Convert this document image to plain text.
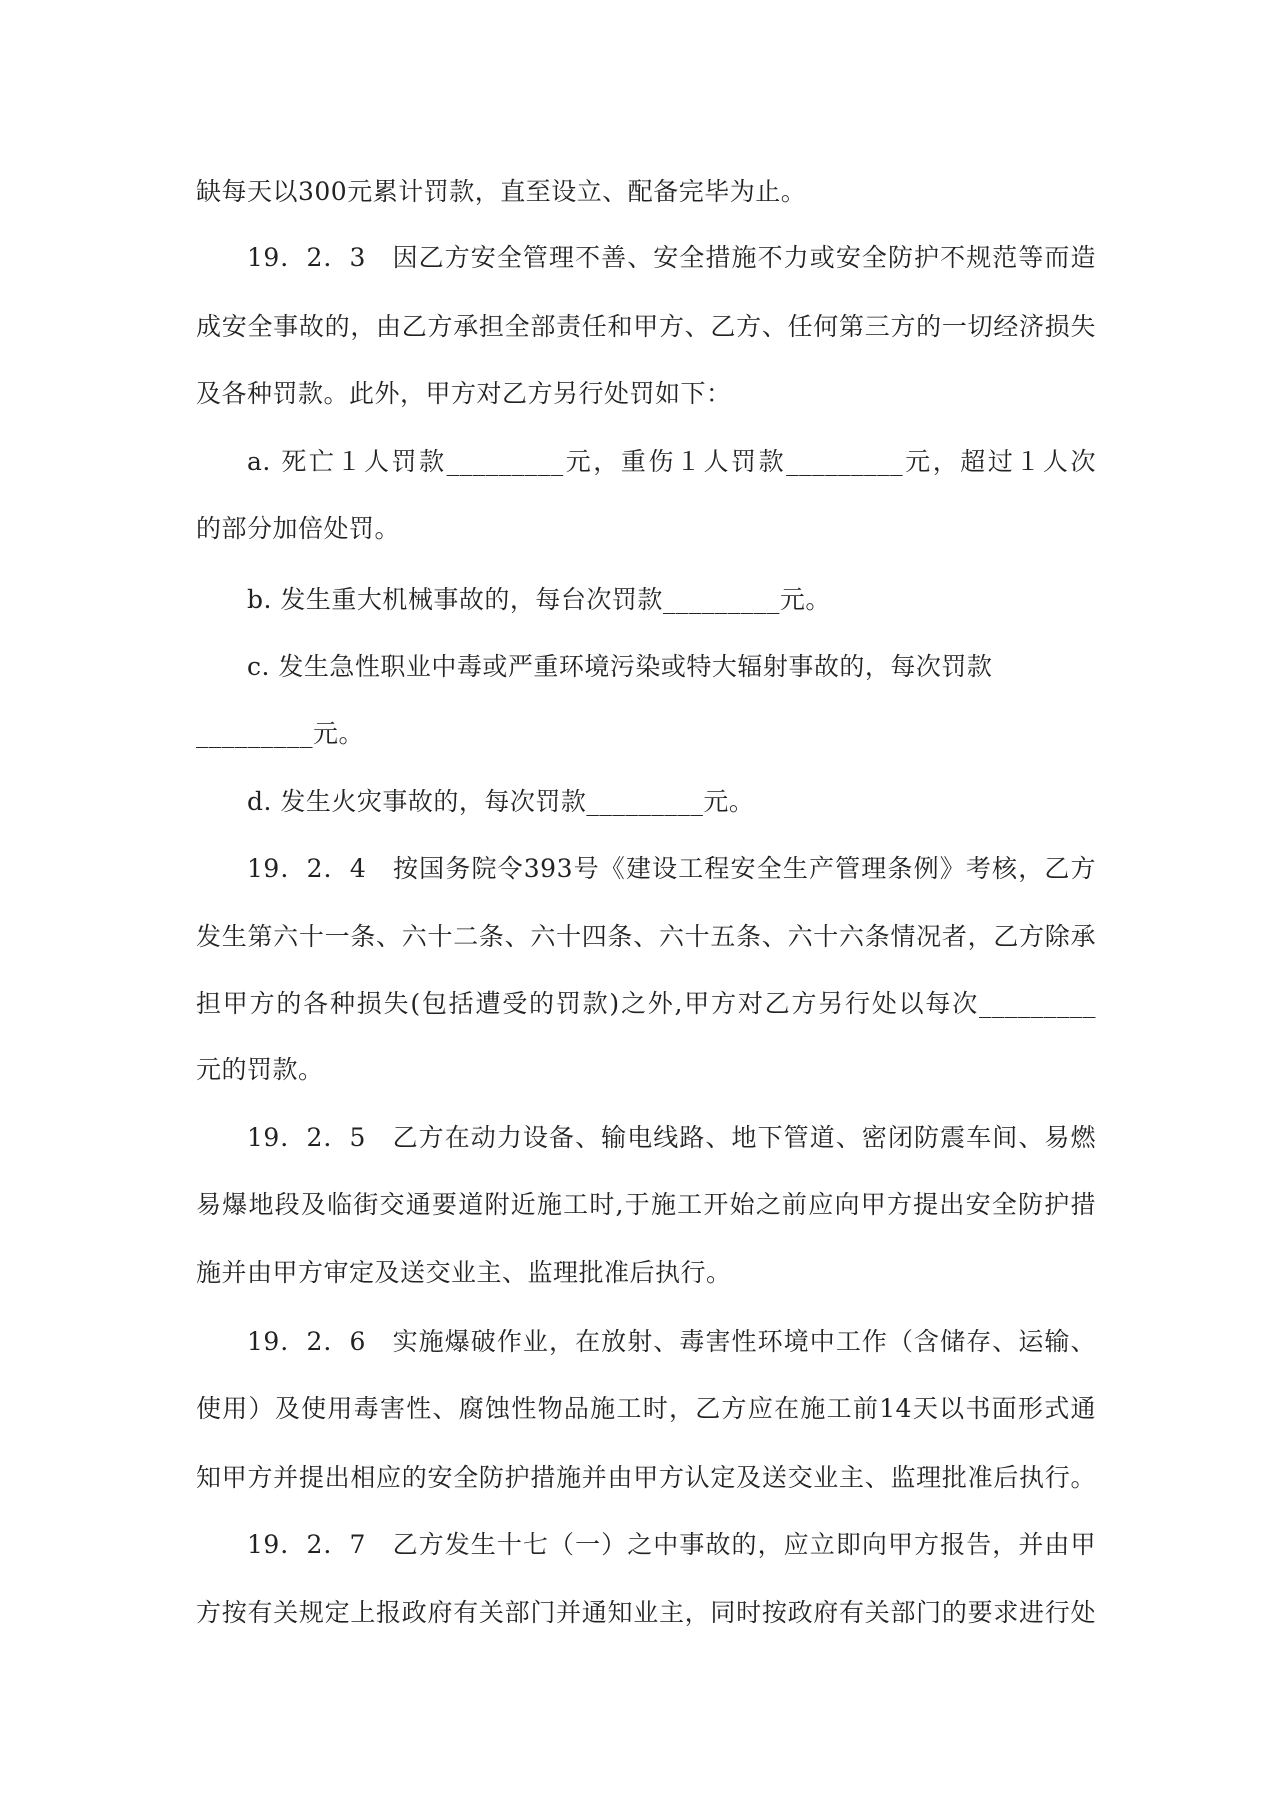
缺每天以300元累计罚款，直至设立、配备完毕为止。
19．2．3　因乙方安全管理不善、安全措施不力或安全防护不规范等而造
成安全事故的，由乙方承担全部责任和甲方、乙方、任何第三方的一切经济损失
及各种罚款。此外，甲方对乙方另行处罚如下：
a. 死亡１人罚款_________元，重伤１人罚款_________元，超过１人次
的部分加倍处罚。
b. 发生重大机械事故的，每台次罚款_________元。
c. 发生急性职业中毒或严重环境污染或特大辐射事故的，每次罚款
_________元。
d. 发生火灾事故的，每次罚款_________元。
19．2．4　按国务院令393号《建设工程安全生产管理条例》考核，乙方
发生第六十一条、六十二条、六十四条、六十五条、六十六条情况者，乙方除承
担甲方的各种损失(包括遭受的罚款)之外,甲方对乙方另行处以每次_________
元的罚款。
19．2．5　乙方在动力设备、输电线路、地下管道、密闭防震车间、易燃
易爆地段及临街交通要道附近施工时,于施工开始之前应向甲方提出安全防护措
施并由甲方审定及送交业主、监理批准后执行。
19．2．6　实施爆破作业，在放射、毒害性环境中工作（含储存、运输、
使用）及使用毒害性、腐蚀性物品施工时，乙方应在施工前14天以书面形式通
知甲方并提出相应的安全防护措施并由甲方认定及送交业主、监理批准后执行。
19．2．7　乙方发生十七（一）之中事故的，应立即向甲方报告，并由甲
方按有关规定上报政府有关部门并通知业主，同时按政府有关部门的要求进行处
